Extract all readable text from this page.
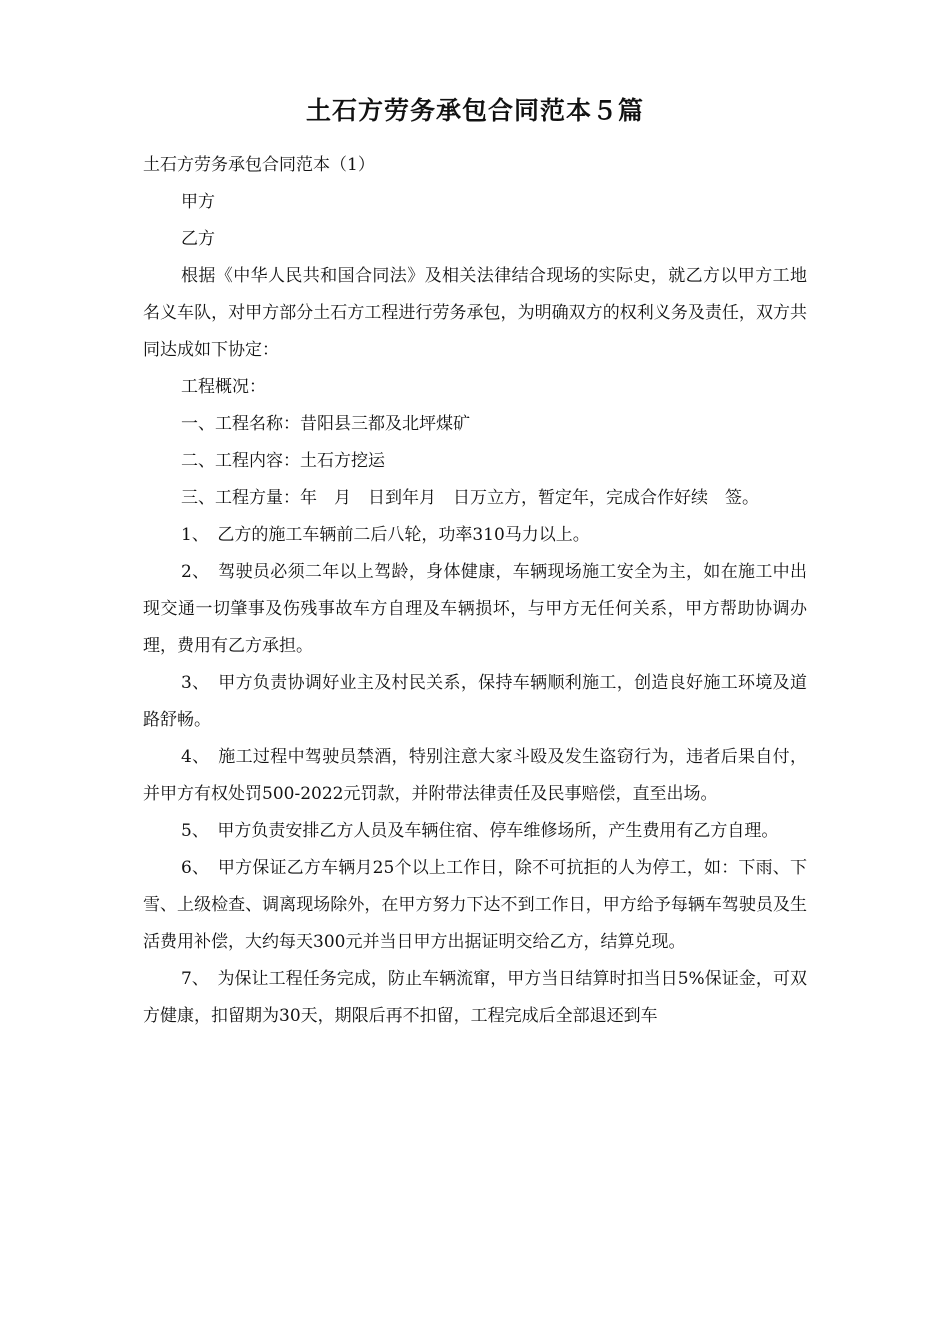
土石方劳务承包合同范本５篇

土石方劳务承包合同范本（1）

甲方

乙方

根据《中华人民共和国合同法》及相关法律结合现场的实际史，就乙方以甲方工地名义车队，对甲方部分土石方工程进行劳务承包，为明确双方的权利义务及责任，双方共同达成如下协定：

工程概况：

一、工程名称：昔阳县三都及北坪煤矿

二、工程内容：土石方挖运

三、工程方量：年　月　日到年月　日万立方，暂定年，完成合作好续　签。

1、　乙方的施工车辆前二后八轮，功率310马力以上。

2、　驾驶员必须二年以上驾龄，身体健康，车辆现场施工安全为主，如在施工中出现交通一切肇事及伤残事故车方自理及车辆损坏，与甲方无任何关系，甲方帮助协调办理，费用有乙方承担。

3、　甲方负责协调好业主及村民关系，保持车辆顺利施工，创造良好施工环境及道路舒畅。

4、　施工过程中驾驶员禁酒，特别注意大家斗殴及发生盗窃行为，违者后果自付，并甲方有权处罚500-2022元罚款，并附带法律责任及民事赔偿，直至出场。

5、　甲方负责安排乙方人员及车辆住宿、停车维修场所，产生费用有乙方自理。

6、　甲方保证乙方车辆月25个以上工作日，除不可抗拒的人为停工，如：下雨、下雪、上级检查、调离现场除外，在甲方努力下达不到工作日，甲方给予每辆车驾驶员及生活费用补偿，大约每天300元并当日甲方出据证明交给乙方，结算兑现。

7、　为保让工程任务完成，防止车辆流窜，甲方当日结算时扣当日5%保证金，可双方健康，扣留期为30天，期限后再不扣留，工程完成后全部退还到车
